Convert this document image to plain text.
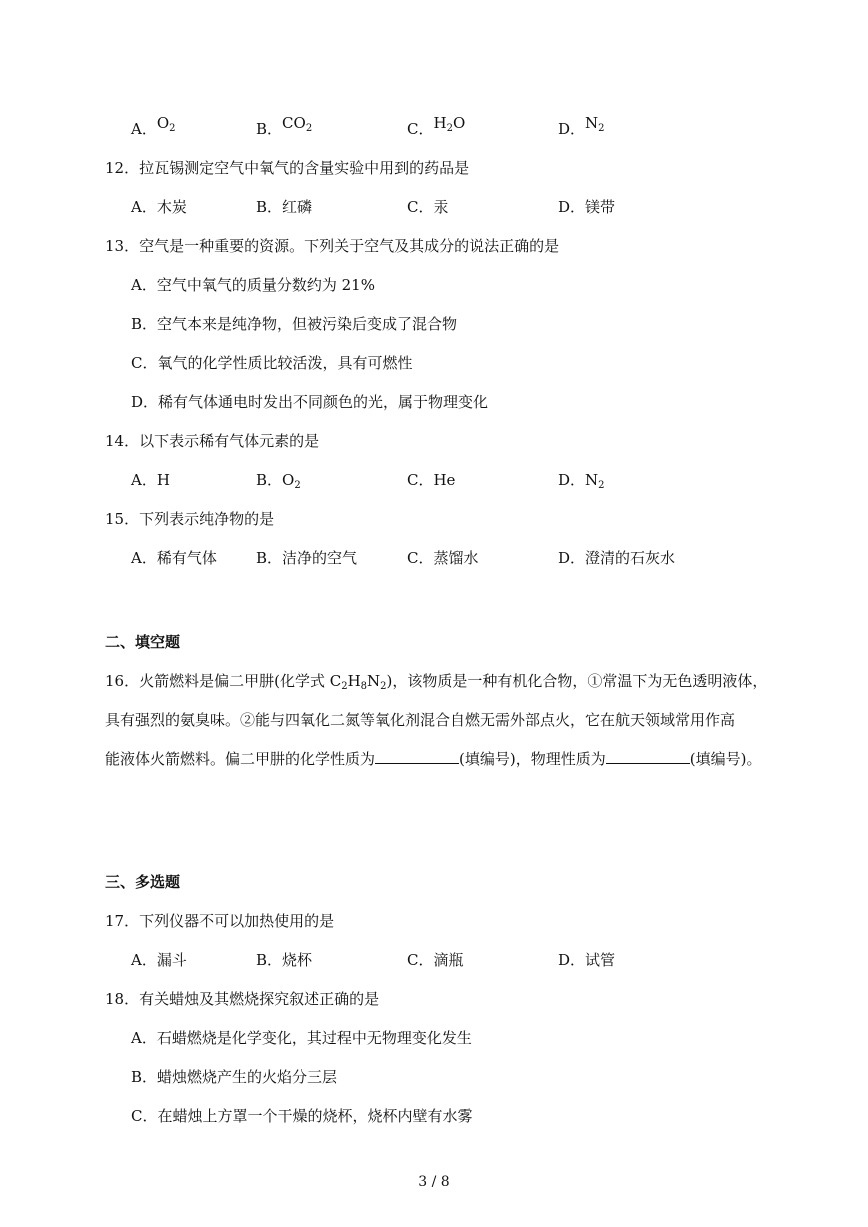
A．$O_2$	B．$CO_2$	C．$H_2O$	D．$N_2$
12．拉瓦锡测定空气中氧气的含量实验中用到的药品是
A．木炭	B．红磷	C．汞	D．镁带
13．空气是一种重要的资源。下列关于空气及其成分的说法正确的是
A．空气中氧气的质量分数约为 21%
B．空气本来是纯净物，但被污染后变成了混合物
C．氧气的化学性质比较活泼，具有可燃性
D．稀有气体通电时发出不同颜色的光，属于物理变化
14．以下表示稀有气体元素的是
A．H	B．$O_2$	C．He	D．$N_2$
15．下列表示纯净物的是
A．稀有气体	B．洁净的空气	C．蒸馏水	D．澄清的石灰水
二、填空题
16．火箭燃料是偏二甲肼(化学式 $C_2H_8N_2$)，该物质是一种有机化合物，①常温下为无色透明液体，
具有强烈的氨臭味。②能与四氧化二氮等氧化剂混合自燃无需外部点火，它在航天领域常用作高
能液体火箭燃料。偏二甲肼的化学性质为	(填编号)，物理性质为	(填编号)。
三、多选题
17．下列仪器不可以加热使用的是
A．漏斗	B．烧杯	C．滴瓶	D．试管
18．有关蜡烛及其燃烧探究叙述正确的是
A．石蜡燃烧是化学变化，其过程中无物理变化发生
B．蜡烛燃烧产生的火焰分三层
C．在蜡烛上方罩一个干燥的烧杯，烧杯内壁有水雾
3 / 8
